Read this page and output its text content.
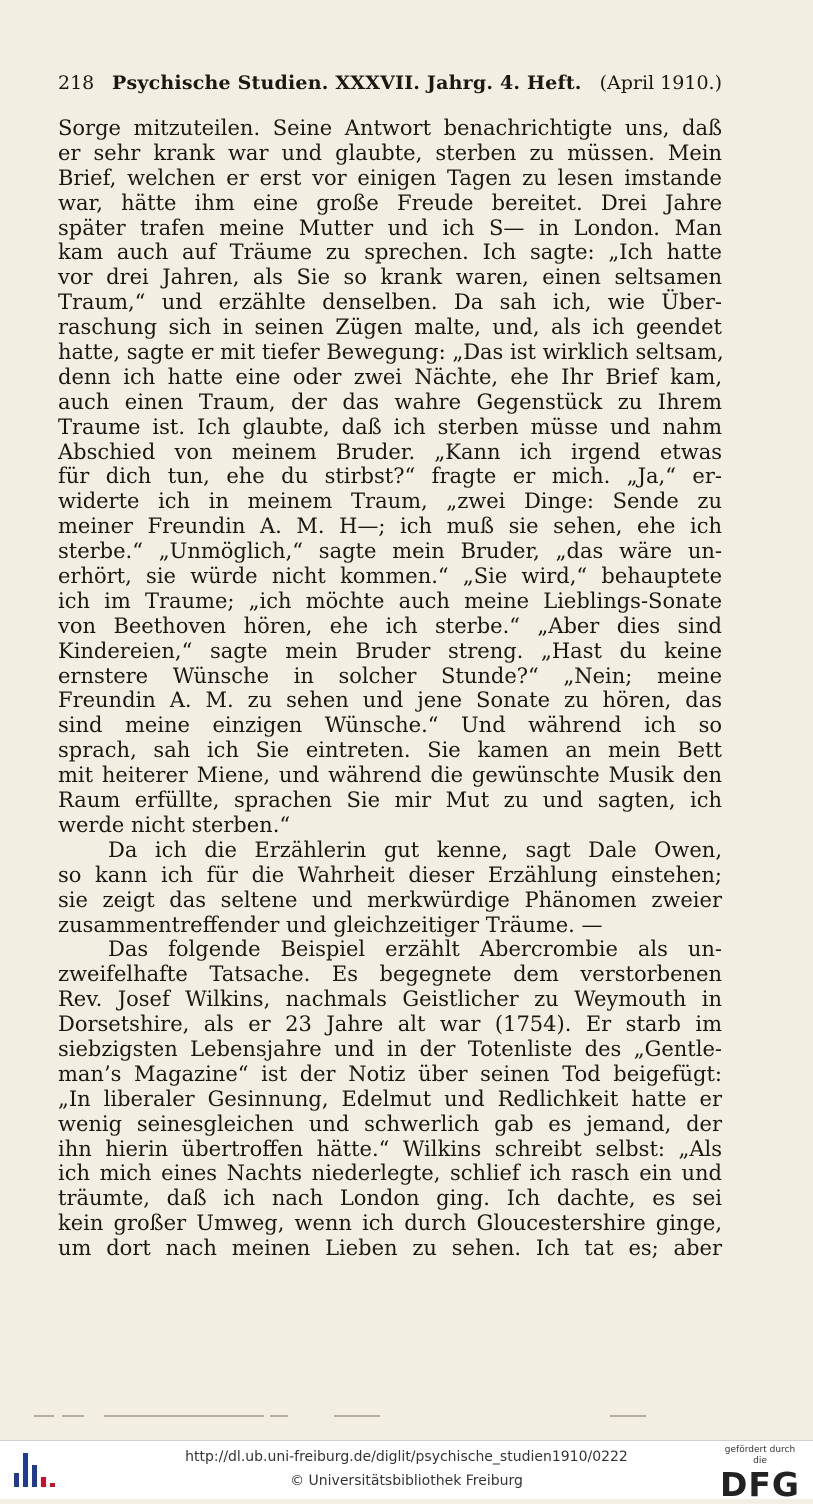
218 Psychische Studien. XXXVII. Jahrg. 4. Heft. (April 1910.)
Sorge mitzuteilen. Seine Antwort benachrichtigte uns, daß
er sehr krank war und glaubte, sterben zu müssen. Mein
Brief, welchen er erst vor einigen Tagen zu lesen imstande
war, hätte ihm eine große Freude bereitet. Drei Jahre
später trafen meine Mutter und ich S— in London. Man
kam auch auf Träume zu sprechen. Ich sagte: „Ich hatte
vor drei Jahren, als Sie so krank waren, einen seltsamen
Traum,“ und erzählte denselben. Da sah ich, wie Über-
raschung sich in seinen Zügen malte, und, als ich geendet
hatte, sagte er mit tiefer Bewegung: „Das ist wirklich seltsam,
denn ich hatte eine oder zwei Nächte, ehe Ihr Brief kam,
auch einen Traum, der das wahre Gegenstück zu Ihrem
Traume ist. Ich glaubte, daß ich sterben müsse und nahm
Abschied von meinem Bruder. „Kann ich irgend etwas
für dich tun, ehe du stirbst?“ fragte er mich. „Ja,“ er-
widerte ich in meinem Traum, „zwei Dinge: Sende zu
meiner Freundin A. M. H—; ich muß sie sehen, ehe ich
sterbe.“ „Unmöglich,“ sagte mein Bruder, „das wäre un-
erhört, sie würde nicht kommen.“ „Sie wird,“ behauptete
ich im Traume; „ich möchte auch meine Lieblings-Sonate
von Beethoven hören, ehe ich sterbe.“ „Aber dies sind
Kindereien,“ sagte mein Bruder streng. „Hast du keine
ernstere Wünsche in solcher Stunde?“ „Nein; meine
Freundin A. M. zu sehen und jene Sonate zu hören, das
sind meine einzigen Wünsche.“ Und während ich so
sprach, sah ich Sie eintreten. Sie kamen an mein Bett
mit heiterer Miene, und während die gewünschte Musik den
Raum erfüllte, sprachen Sie mir Mut zu und sagten, ich
werde nicht sterben.“
Da ich die Erzählerin gut kenne, sagt Dale Owen,
so kann ich für die Wahrheit dieser Erzählung einstehen;
sie zeigt das seltene und merkwürdige Phänomen zweier
zusammentreffender und gleichzeitiger Träume. —
Das folgende Beispiel erzählt Abercrombie als un-
zweifelhafte Tatsache. Es begegnete dem verstorbenen
Rev. Josef Wilkins, nachmals Geistlicher zu Weymouth in
Dorsetshire, als er 23 Jahre alt war (1754). Er starb im
siebzigsten Lebensjahre und in der Totenliste des „Gentle-
man’s Magazine“ ist der Notiz über seinen Tod beigefügt:
„In liberaler Gesinnung, Edelmut und Redlichkeit hatte er
wenig seinesgleichen und schwerlich gab es jemand, der
ihn hierin übertroffen hätte.“ Wilkins schreibt selbst: „Als
ich mich eines Nachts niederlegte, schlief ich rasch ein und
träumte, daß ich nach London ging. Ich dachte, es sei
kein großer Umweg, wenn ich durch Gloucestershire ginge,
um dort nach meinen Lieben zu sehen. Ich tat es; aber
http://dl.ub.uni-freiburg.de/diglit/psychische_studien1910/0222
© Universitätsbibliothek Freiburg
gefördert durch die
DFG
